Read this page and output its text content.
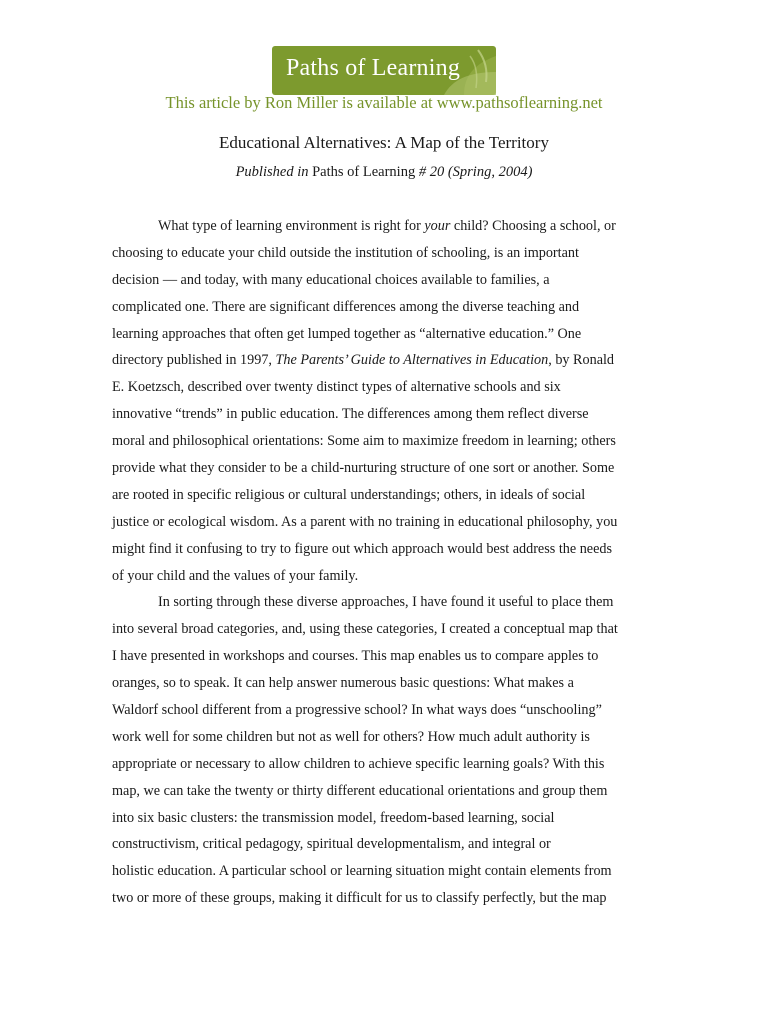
Paths of Learning
This article by Ron Miller is available at www.pathsoflearning.net
Educational Alternatives: A Map of the Territory
Published in Paths of Learning # 20 (Spring, 2004)
What type of learning environment is right for your child? Choosing a school, or
choosing to educate your child outside the institution of schooling, is an important
decision — and today, with many educational choices available to families, a
complicated one. There are significant differences among the diverse teaching and
learning approaches that often get lumped together as “alternative education.” One
directory published in 1997, The Parents’ Guide to Alternatives in Education, by Ronald
E. Koetzsch, described over twenty distinct types of alternative schools and six
innovative “trends” in public education. The differences among them reflect diverse
moral and philosophical orientations: Some aim to maximize freedom in learning; others
provide what they consider to be a child-nurturing structure of one sort or another. Some
are rooted in specific religious or cultural understandings; others, in ideals of social
justice or ecological wisdom. As a parent with no training in educational philosophy, you
might find it confusing to try to figure out which approach would best address the needs
of your child and the values of your family.
In sorting through these diverse approaches, I have found it useful to place them
into several broad categories, and, using these categories, I created a conceptual map that
I have presented in workshops and courses. This map enables us to compare apples to
oranges, so to speak. It can help answer numerous basic questions: What makes a
Waldorf school different from a progressive school? In what ways does “unschooling”
work well for some children but not as well for others? How much adult authority is
appropriate or necessary to allow children to achieve specific learning goals? With this
map, we can take the twenty or thirty different educational orientations and group them
into six basic clusters: the transmission model, freedom-based learning, social
constructivism, critical pedagogy, spiritual developmentalism, and integral or
holistic education. A particular school or learning situation might contain elements from
two or more of these groups, making it difficult for us to classify perfectly, but the map
